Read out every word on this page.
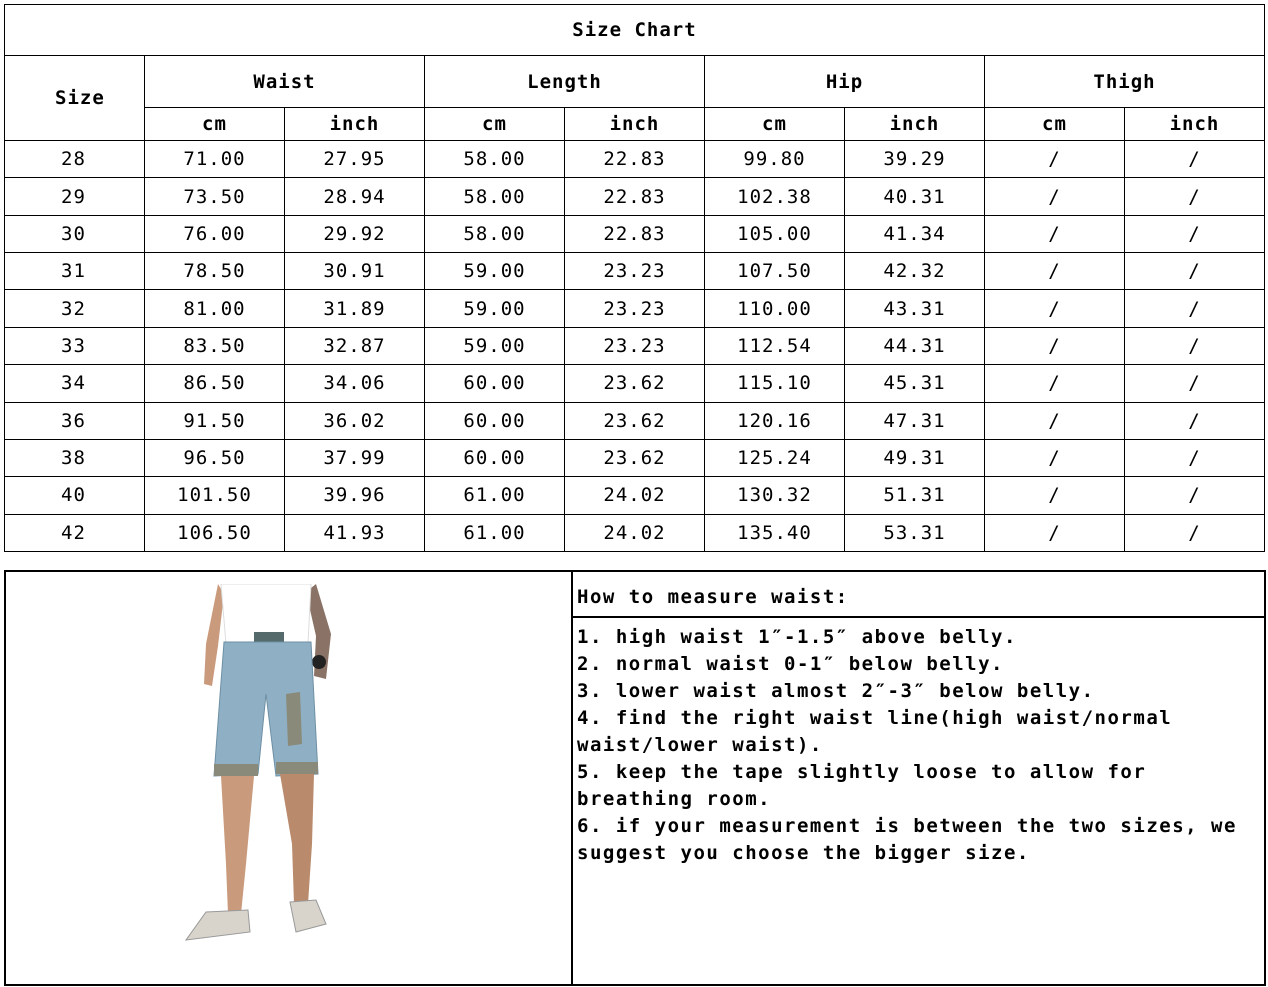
Size Chart								
Size	Waist		Length		Hip		Thigh	
	cm	inch	cm	inch	cm	inch	cm	inch
28	71.00	27.95	58.00	22.83	99.80	39.29	/	/
29	73.50	28.94	58.00	22.83	102.38	40.31	/	/
30	76.00	29.92	58.00	22.83	105.00	41.34	/	/
31	78.50	30.91	59.00	23.23	107.50	42.32	/	/
32	81.00	31.89	59.00	23.23	110.00	43.31	/	/
33	83.50	32.87	59.00	23.23	112.54	44.31	/	/
34	86.50	34.06	60.00	23.62	115.10	45.31	/	/
36	91.50	36.02	60.00	23.62	120.16	47.31	/	/
38	96.50	37.99	60.00	23.62	125.24	49.31	/	/
40	101.50	39.96	61.00	24.02	130.32	51.31	/	/
42	106.50	41.93	61.00	24.02	135.40	53.31	/	/
How to measure waist:
1. high waist 1″-1.5″ above belly.
2. normal waist 0-1″ below belly.
3. lower waist almost 2″-3″ below belly.
4. find the right waist line(high waist/normal waist/lower waist).
5. keep the tape slightly loose to allow for breathing room.
6. if your measurement is between the two sizes, we suggest you choose the bigger size.
